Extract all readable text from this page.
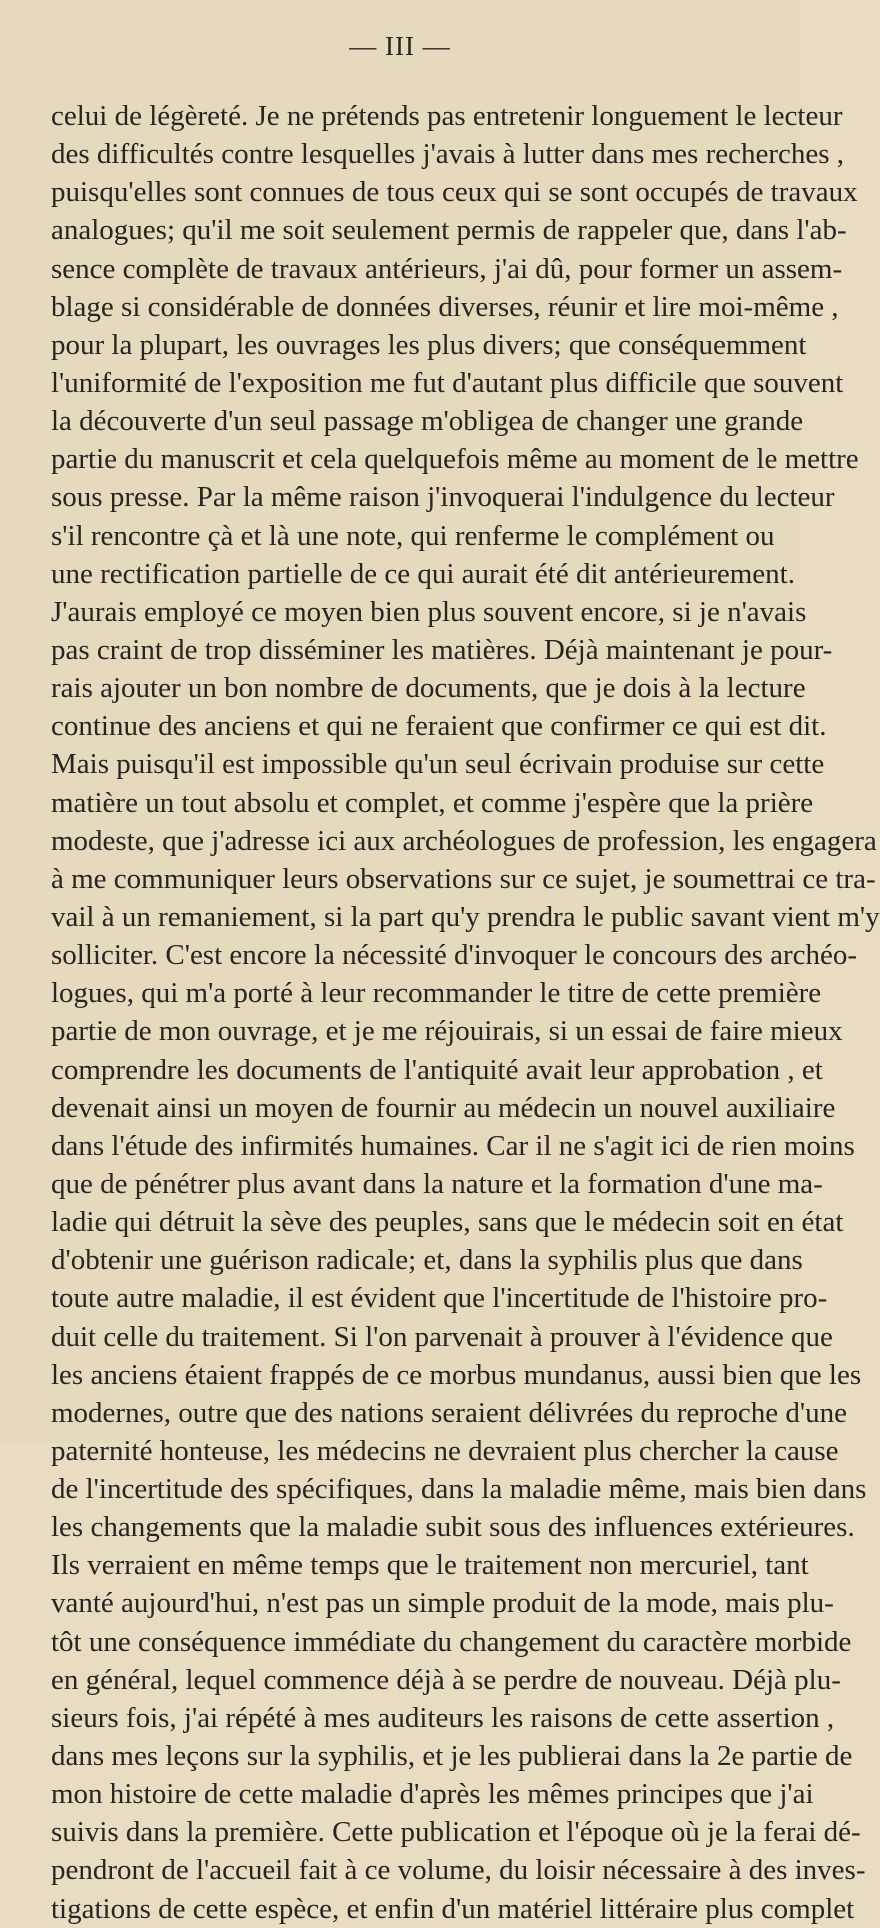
— III —
celui de légèreté. Je ne prétends pas entretenir longuement le lecteur
des difficultés contre lesquelles j'avais à lutter dans mes recherches ,
puisqu'elles sont connues de tous ceux qui se sont occupés de travaux
analogues; qu'il me soit seulement permis de rappeler que, dans l'ab-
sence complète de travaux antérieurs, j'ai dû, pour former un assem-
blage si considérable de données diverses, réunir et lire moi-même ,
pour la plupart, les ouvrages les plus divers; que conséquemment
l'uniformité de l'exposition me fut d'autant plus difficile que souvent
la découverte d'un seul passage m'obligea de changer une grande
partie du manuscrit et cela quelquefois même au moment de le mettre
sous presse. Par la même raison j'invoquerai l'indulgence du lecteur
s'il rencontre çà et là une note, qui renferme le complément ou
une rectification partielle de ce qui aurait été dit antérieurement.
J'aurais employé ce moyen bien plus souvent encore, si je n'avais
pas craint de trop disséminer les matières. Déjà maintenant je pour-
rais ajouter un bon nombre de documents, que je dois à la lecture
continue des anciens et qui ne feraient que confirmer ce qui est dit.
Mais puisqu'il est impossible qu'un seul écrivain produise sur cette
matière un tout absolu et complet, et comme j'espère que la prière
modeste, que j'adresse ici aux archéologues de profession, les engagera
à me communiquer leurs observations sur ce sujet, je soumettrai ce tra-
vail à un remaniement, si la part qu'y prendra le public savant vient m'y
solliciter. C'est encore la nécessité d'invoquer le concours des archéo-
logues, qui m'a porté à leur recommander le titre de cette première
partie de mon ouvrage, et je me réjouirais, si un essai de faire mieux
comprendre les documents de l'antiquité avait leur approbation , et
devenait ainsi un moyen de fournir au médecin un nouvel auxiliaire
dans l'étude des infirmités humaines. Car il ne s'agit ici de rien moins
que de pénétrer plus avant dans la nature et la formation d'une ma-
ladie qui détruit la sève des peuples, sans que le médecin soit en état
d'obtenir une guérison radicale; et, dans la syphilis plus que dans
toute autre maladie, il est évident que l'incertitude de l'histoire pro-
duit celle du traitement. Si l'on parvenait à prouver à l'évidence que
les anciens étaient frappés de ce morbus mundanus, aussi bien que les
modernes, outre que des nations seraient délivrées du reproche d'une
paternité honteuse, les médecins ne devraient plus chercher la cause
de l'incertitude des spécifiques, dans la maladie même, mais bien dans
les changements que la maladie subit sous des influences extérieures.
Ils verraient en même temps que le traitement non mercuriel, tant
vanté aujourd'hui, n'est pas un simple produit de la mode, mais plu-
tôt une conséquence immédiate du changement du caractère morbide
en général, lequel commence déjà à se perdre de nouveau. Déjà plu-
sieurs fois, j'ai répété à mes auditeurs les raisons de cette assertion ,
dans mes leçons sur la syphilis, et je les publierai dans la 2e partie de
mon histoire de cette maladie d'après les mêmes principes que j'ai
suivis dans la première. Cette publication et l'époque où je la ferai dé-
pendront de l'accueil fait à ce volume, du loisir nécessaire à des inves-
tigations de cette espèce, et enfin d'un matériel littéraire plus complet
